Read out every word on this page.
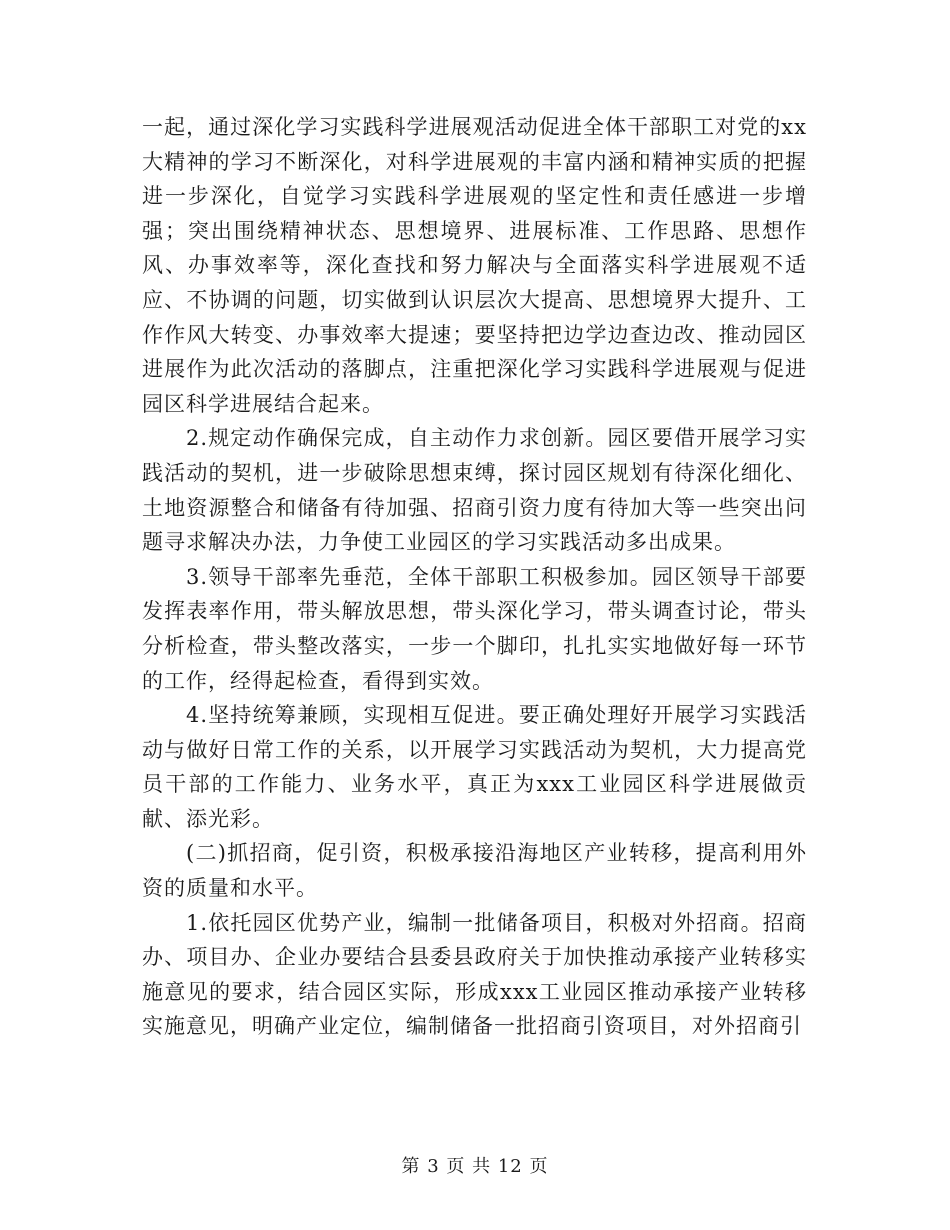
一起，通过深化学习实践科学进展观活动促进全体干部职工对党的xx大精神的学习不断深化，对科学进展观的丰富内涵和精神实质的把握进一步深化，自觉学习实践科学进展观的坚定性和责任感进一步增强；突出围绕精神状态、思想境界、进展标准、工作思路、思想作风、办事效率等，深化查找和努力解决与全面落实科学进展观不适应、不协调的问题，切实做到认识层次大提高、思想境界大提升、工作作风大转变、办事效率大提速；要坚持把边学边查边改、推动园区进展作为此次活动的落脚点，注重把深化学习实践科学进展观与促进园区科学进展结合起来。

2.规定动作确保完成，自主动作力求创新。园区要借开展学习实践活动的契机，进一步破除思想束缚，探讨园区规划有待深化细化、土地资源整合和储备有待加强、招商引资力度有待加大等一些突出问题寻求解决办法，力争使工业园区的学习实践活动多出成果。

3.领导干部率先垂范，全体干部职工积极参加。园区领导干部要发挥表率作用，带头解放思想，带头深化学习，带头调查讨论，带头分析检查，带头整改落实，一步一个脚印，扎扎实实地做好每一环节的工作，经得起检查，看得到实效。

4.坚持统筹兼顾，实现相互促进。要正确处理好开展学习实践活动与做好日常工作的关系，以开展学习实践活动为契机，大力提高党员干部的工作能力、业务水平，真正为xxx工业园区科学进展做贡献、添光彩。

(二)抓招商，促引资，积极承接沿海地区产业转移，提高利用外资的质量和水平。

1.依托园区优势产业，编制一批储备项目，积极对外招商。招商办、项目办、企业办要结合县委县政府关于加快推动承接产业转移实施意见的要求，结合园区实际，形成xxx工业园区推动承接产业转移实施意见，明确产业定位，编制储备一批招商引资项目，对外招商引

第 3 页 共 12 页
